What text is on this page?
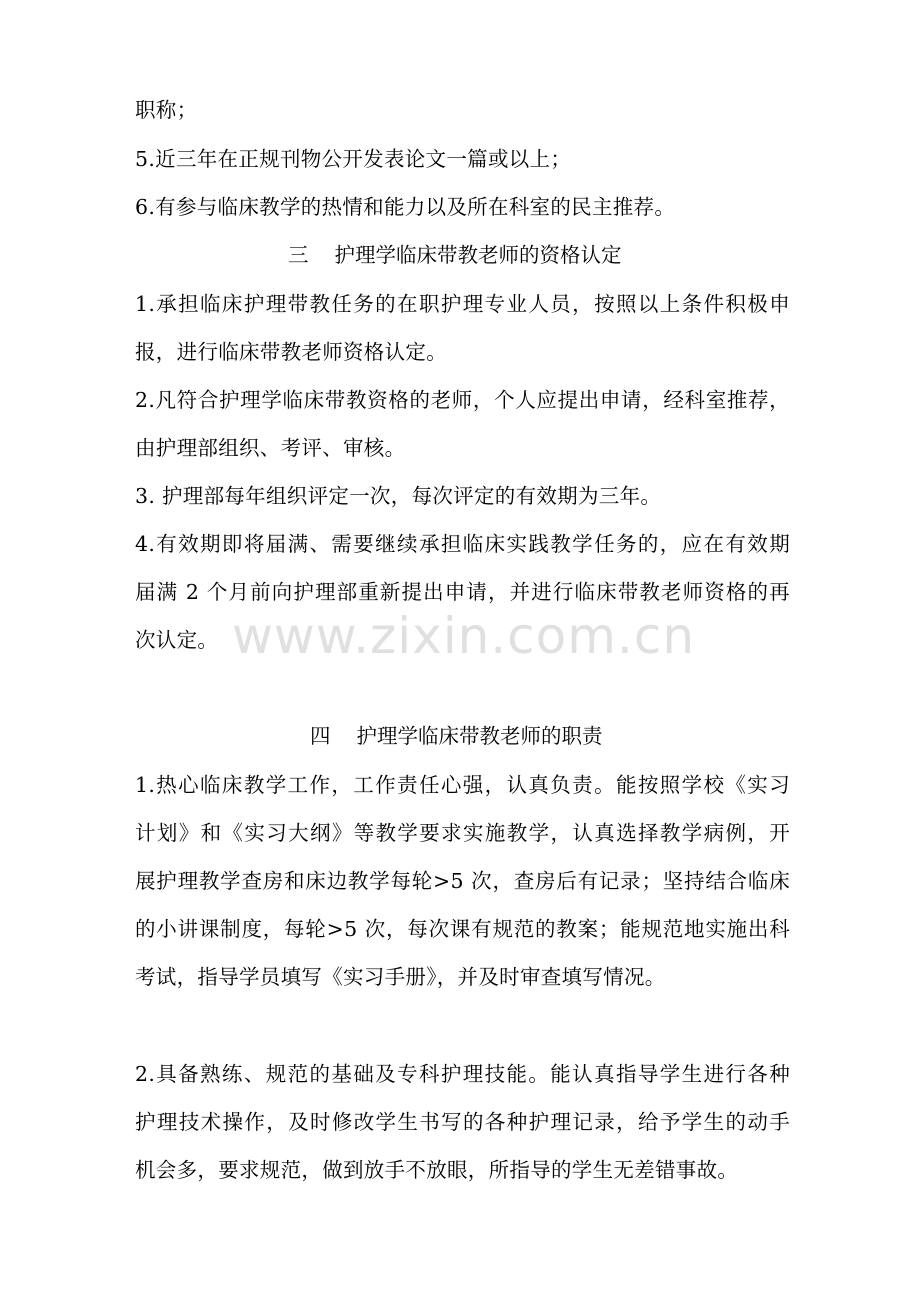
职称；
5.近三年在正规刊物公开发表论文一篇或以上；
6.有参与临床教学的热情和能力以及所在科室的民主推荐。
三 护理学临床带教老师的资格认定
1.承担临床护理带教任务的在职护理专业人员，按照以上条件积极申
报，进行临床带教老师资格认定。
2.凡符合护理学临床带教资格的老师，个人应提出申请，经科室推荐，
由护理部组织、考评、审核。
3. 护理部每年组织评定一次，每次评定的有效期为三年。
4.有效期即将届满、需要继续承担临床实践教学任务的，应在有效期
届满 2 个月前向护理部重新提出申请，并进行临床带教老师资格的再
次认定。 www.zixin.com.cn
四 护理学临床带教老师的职责
1.热心临床教学工作，工作责任心强，认真负责。能按照学校《实习
计划》和《实习大纲》等教学要求实施教学，认真选择教学病例，开
展护理教学查房和床边教学每轮>5 次，查房后有记录；坚持结合临床
的小讲课制度，每轮>5 次，每次课有规范的教案；能规范地实施出科
考试，指导学员填写《实习手册》，并及时审查填写情况。
2.具备熟练、规范的基础及专科护理技能。能认真指导学生进行各种
护理技术操作，及时修改学生书写的各种护理记录，给予学生的动手
机会多，要求规范，做到放手不放眼，所指导的学生无差错事故。
